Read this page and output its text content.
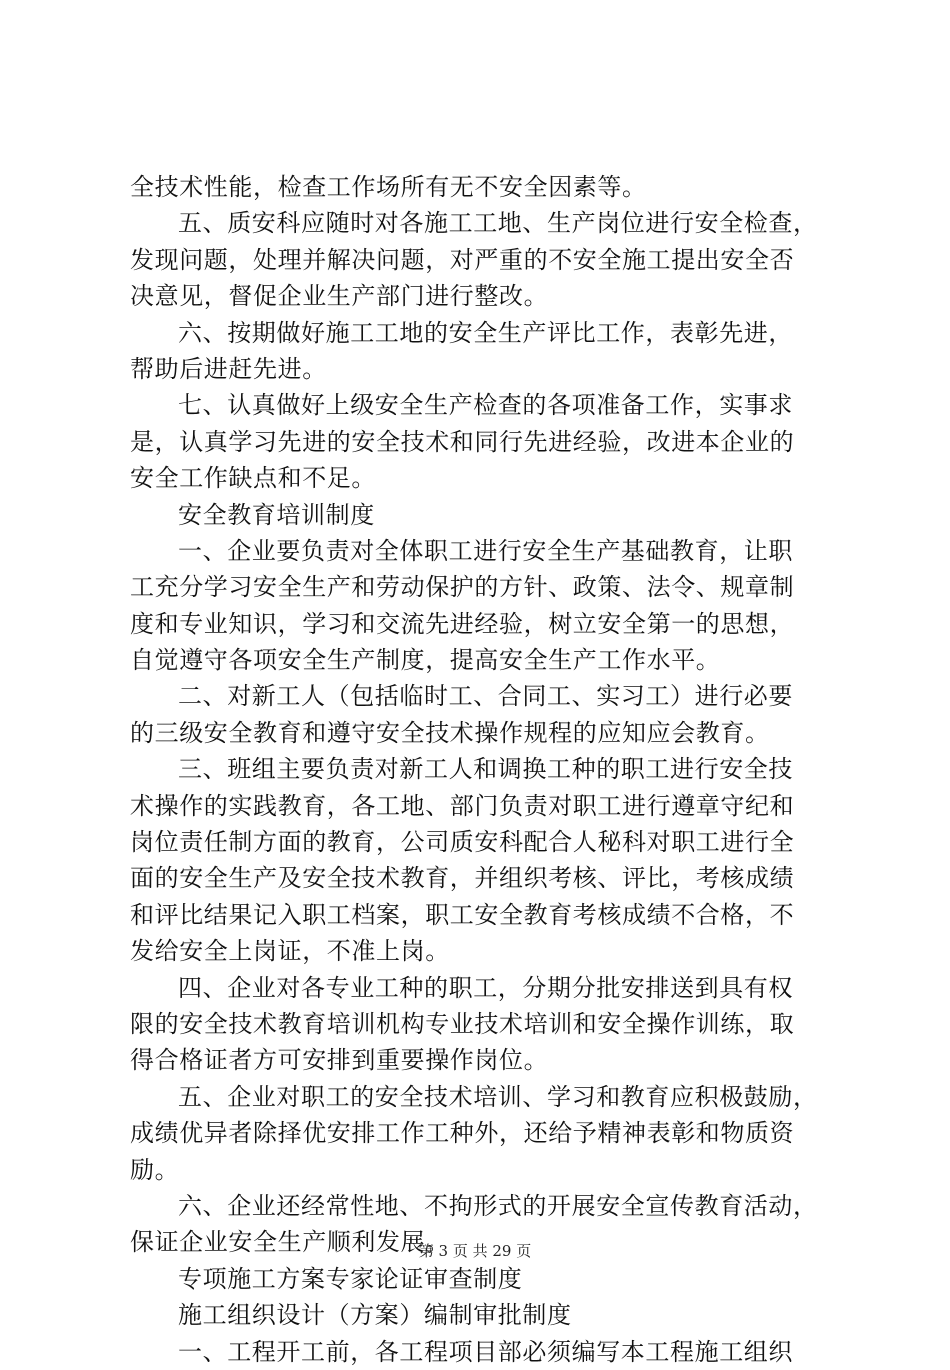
全技术性能，检查工作场所有无不安全因素等。
五、质安科应随时对各施工工地、生产岗位进行安全检查，
发现问题，处理并解决问题，对严重的不安全施工提出安全否
决意见，督促企业生产部门进行整改。
六、按期做好施工工地的安全生产评比工作，表彰先进，
帮助后进赶先进。
七、认真做好上级安全生产检查的各项准备工作，实事求
是，认真学习先进的安全技术和同行先进经验，改进本企业的
安全工作缺点和不足。
安全教育培训制度
一、企业要负责对全体职工进行安全生产基础教育，让职
工充分学习安全生产和劳动保护的方针、政策、法令、规章制
度和专业知识，学习和交流先进经验，树立安全第一的思想，
自觉遵守各项安全生产制度，提高安全生产工作水平。
二、对新工人（包括临时工、合同工、实习工）进行必要
的三级安全教育和遵守安全技术操作规程的应知应会教育。
三、班组主要负责对新工人和调换工种的职工进行安全技
术操作的实践教育，各工地、部门负责对职工进行遵章守纪和
岗位责任制方面的教育，公司质安科配合人秘科对职工进行全
面的安全生产及安全技术教育，并组织考核、评比，考核成绩
和评比结果记入职工档案，职工安全教育考核成绩不合格，不
发给安全上岗证，不准上岗。
四、企业对各专业工种的职工，分期分批安排送到具有权
限的安全技术教育培训机构专业技术培训和安全操作训练，取
得合格证者方可安排到重要操作岗位。
五、企业对职工的安全技术培训、学习和教育应积极鼓励，
成绩优异者除择优安排工作工种外，还给予精神表彰和物质资
励。
六、企业还经常性地、不拘形式的开展安全宣传教育活动，
保证企业安全生产顺利发展。
专项施工方案专家论证审查制度
施工组织设计（方案）编制审批制度
一、工程开工前，各工程项目部必须编写本工程施工组织
第 3 页 共 29 页
